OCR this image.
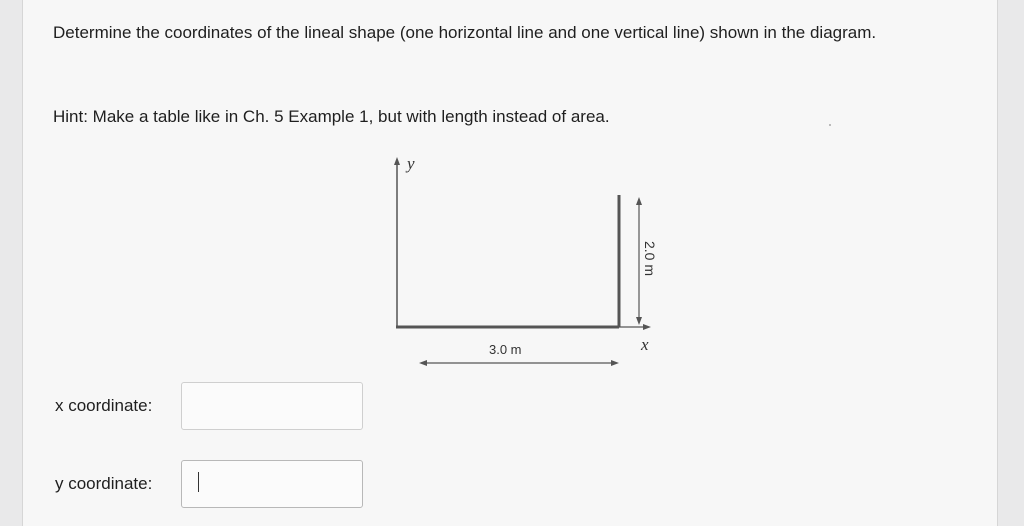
Determine the coordinates of the lineal shape (one horizontal line and one vertical line) shown in the diagram.

Hint: Make a table like in Ch. 5 Example 1, but with length instead of area.

y
x
2.0 m
3.0 m
x coordinate:
y coordinate:
